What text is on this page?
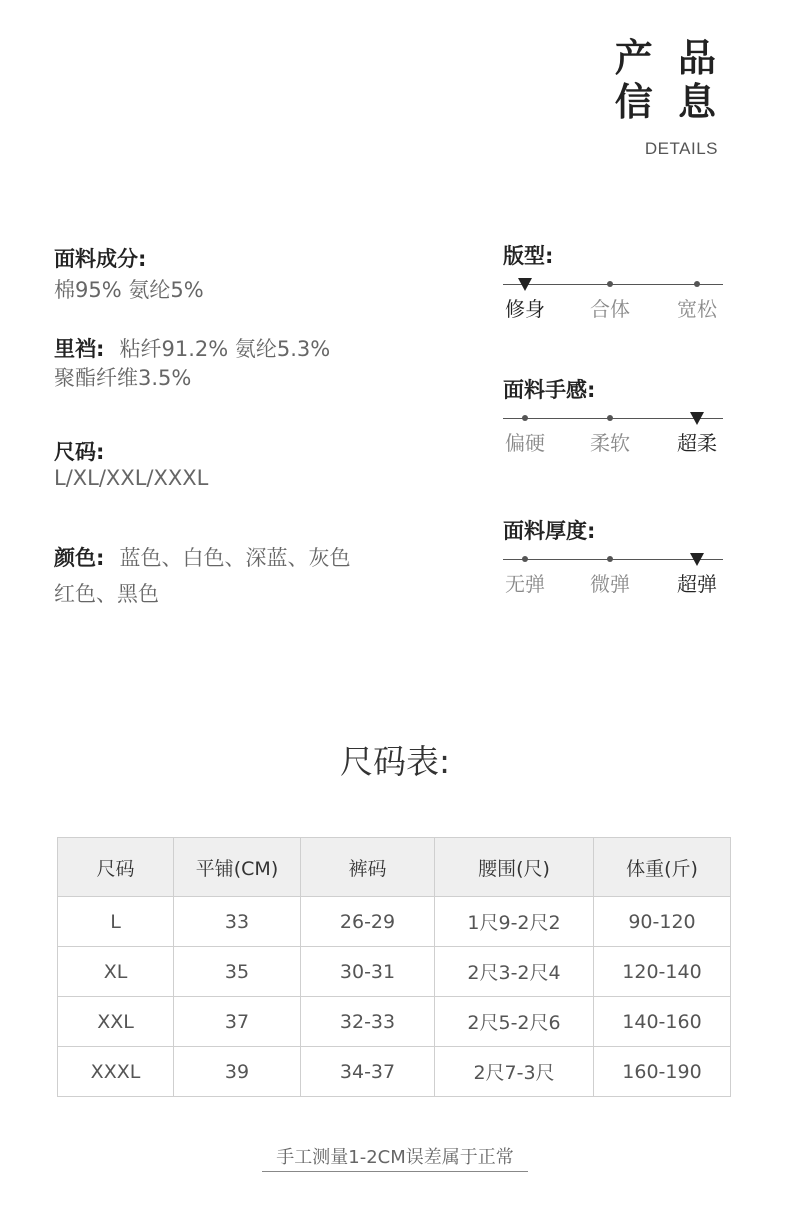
产 品
信 息
DETAILS
面料成分:
棉95% 氨纶5%
里裆: 粘纤91.2% 氨纶5.3%
聚酯纤维3.5%
尺码:
L/XL/XXL/XXXL
颜色: 蓝色、白色、深蓝、灰色
红色、黑色
版型:
修身 合体 宽松
面料手感:
偏硬 柔软 超柔
面料厚度:
无弹 微弹 超弹
尺码表:
尺码	平铺(CM)	裤码	腰围(尺)	体重(斤)
L	33	26-29	1尺9-2尺2	90-120
XL	35	30-31	2尺3-2尺4	120-140
XXL	37	32-33	2尺5-2尺6	140-160
XXXL	39	34-37	2尺7-3尺	160-190
手工测量1-2CM误差属于正常
